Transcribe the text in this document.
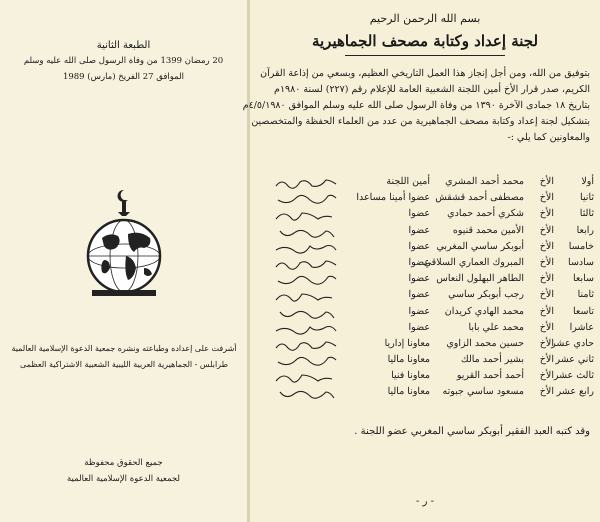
الطبعة الثانية
20 رمضان 1399 من وفاة الرسول صلى الله عليه وسلم
الموافق 27 الفريخ (مارس) 1989
أشرفت على إعداده وطباعته ونشره جمعية الدعوة الإسلامية العالمية
طرابلس - الجماهيرية العربية الليبية الشعبية الاشتراكية العظمى
جميع الحقوق محفوظة
لجمعية الدعوة الإسلامية العالمية
بسم الله الرحمن الرحيم
لجنة إعداد وكتابة مصحف الجماهيرية
بتوفيق من الله، ومن أجل إنجاز هذا العمل التاريخي العظيم، وبسعي من إذاعة القرآن
الكريم، صدر قرار الأخ أمين اللجنة الشعبية العامة للإعلام رقم (٢٢٧) لسنة ١٩٨٠م
بتاريخ ١٨ جمادى الآخرة ١٣٩٠ من وفاة الرسول صلى الله عليه وسلم الموافق ٤/٥/١٩٨٠م
بتشكيل لجنة إعداد وكتابة مصحف الجماهيرية من عدد من العلماء الحفظة والمتخصصين
والمعاونين كما يلي :-
أولا
الأخ
محمد أحمد المشري
أمين اللجنة
ثانيا
الأخ
مصطفى أحمد قشقش
عضوا أمينا مساعدا
ثالثا
الأخ
شكري أحمد حمادي
عضوا
رابعا
الأخ
الأمين محمد قنيوه
عضوا
خامسا
الأخ
أبوبكر ساسي المغربي
عضوا
سادسا
الأخ
المبروك العماري السلاقي
عضوا
سابعا
الأخ
الطاهر البهلول النعاس
عضوا
ثامنا
الأخ
رجب أبوبكر ساسي
عضوا
تاسعا
الأخ
محمد الهادي كريدان
عضوا
عاشرا
الأخ
محمد علي بابا
عضوا
حادي عشر
الأخ
حسين محمد الزاوي
معاونا إداريا
ثاني عشر
الأخ
بشير أحمد مالك
معاونا ماليا
ثالث عشر
الأخ
أحمد أحمد القريو
معاونا فنيا
رابع عشر
الأخ
مسعود ساسي جبوته
معاونا ماليا
وقد كتبه العبد الفقير أبوبكر ساسي المغربي عضو اللجنة .
- ر -
